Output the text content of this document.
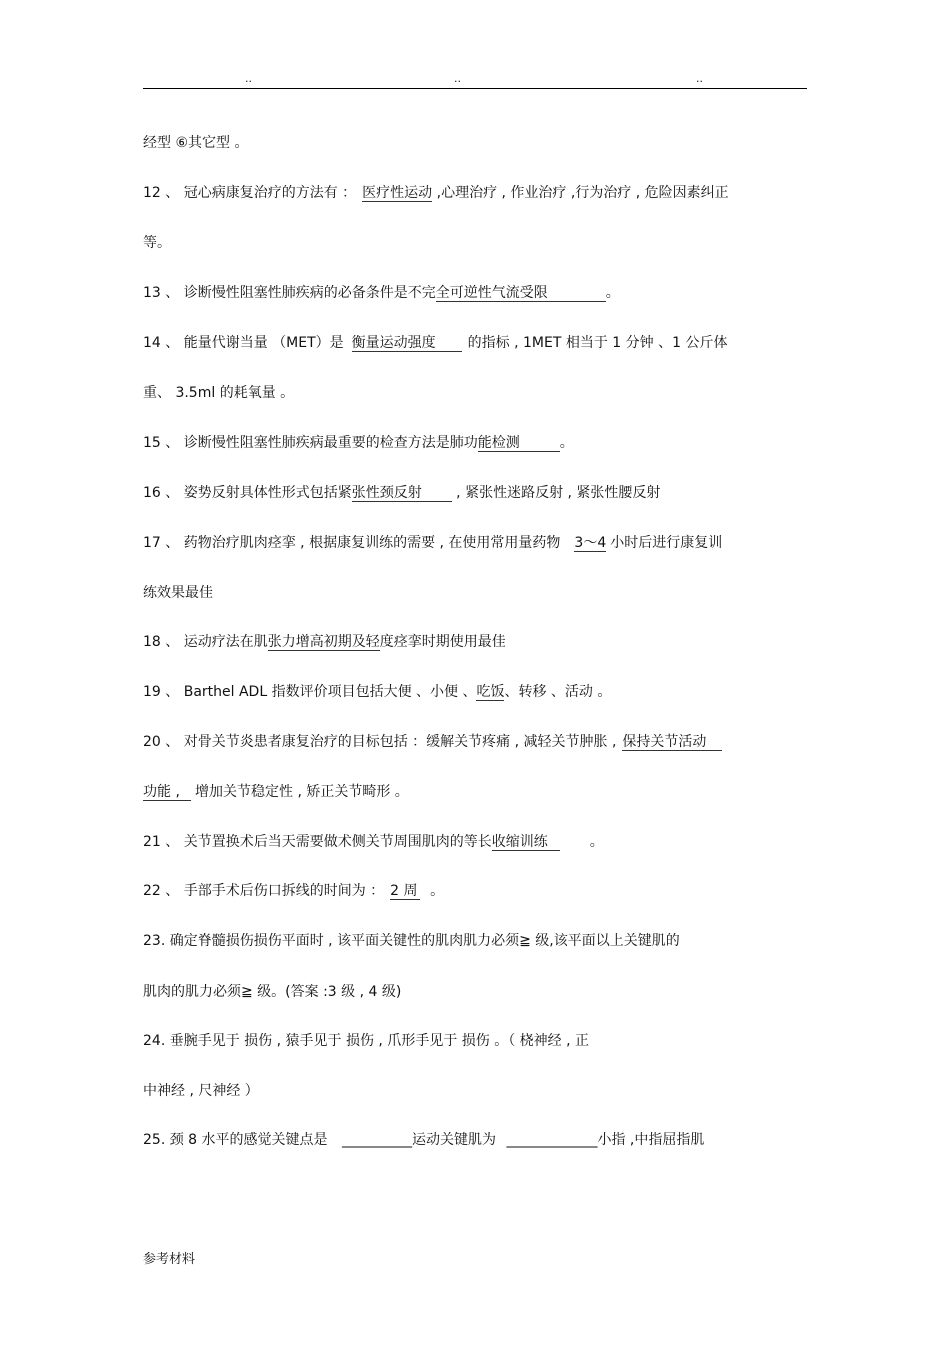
..	..	..
经型 ⑥其它型 。
12 、 冠心病康复治疗的方法有 ： 医疗性运动 ,心理治疗 , 作业治疗 ,行为治疗 , 危险因素纠正
等。
13 、 诊断慢性阻塞性肺疾病的必备条件是不完全可逆性气流受限	。
14 、 能量代谢当量 （MET）是 衡量运动强度 的指标 , 1MET 相当于 1 分钟 、1 公斤体
重、 3.5ml 的耗氧量 。
15 、 诊断慢性阻塞性肺疾病最重要的检查方法是肺功能检测	。
16 、 姿势反射具体性形式包括紧张性颈反射 , 紧张性迷路反射 , 紧张性腰反射
17 、 药物治疗肌肉痉挛 , 根据康复训练的需要 , 在使用常用量药物 3～4 小时后进行康复训
练效果最佳
18 、 运动疗法在肌张力增高初期及轻度痉挛时期使用最佳
19 、 Barthel ADL 指数评价项目包括大便 、小便 、吃饭、转移 、活动 。
20 、 对骨关节炎患者康复治疗的目标包括 ：缓解关节疼痛 , 减轻关节肿胀 , 保持关节活动
功能 , 增加关节稳定性 , 矫正关节畸形 。
21 、 关节置换术后当天需要做术侧关节周围肌肉的等长收缩训练	。
22 、 手部手术后伤口拆线的时间为 ： 2 周 。
23. 确定脊髓损伤损伤平面时 , 该平面关键性的肌肉肌力必须≧ 级,该平面以上关键肌的
肌肉的肌力必须≧ 级。(答案 :3 级 , 4 级)
24. 垂腕手见于 损伤 , 猿手见于 损伤 , 爪形手见于 损伤 。（ 桡神经 , 正
中神经 , 尺神经 ）
25. 颈 8 水平的感觉关键点是 __________运动关键肌为 _____________小指 ,中指屈指肌
参考材料
